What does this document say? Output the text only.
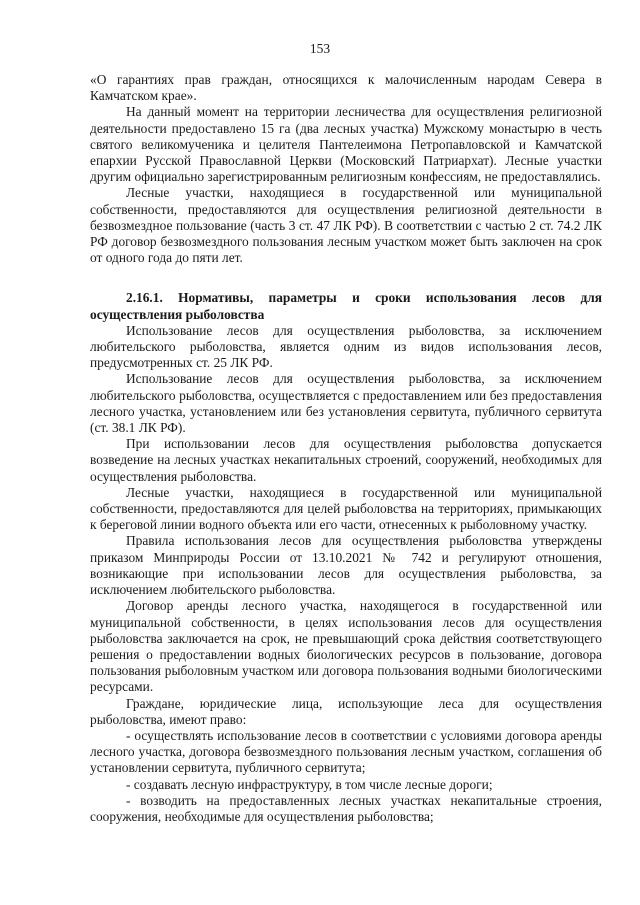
153

«О гарантиях прав граждан, относящихся к малочисленным народам Севера в Камчатском крае».

На данный момент на территории лесничества для осуществления религиозной деятельности предоставлено 15 га (два лесных участка) Мужскому монастырю в честь святого великомученика и целителя Пантелеимона Петропавловской и Камчатской епархии Русской Православной Церкви (Московский Патриархат). Лесные участки другим официально зарегистрированным религиозным конфессиям, не предоставлялись.

Лесные участки, находящиеся в государственной или муниципальной собственности, предоставляются для осуществления религиозной деятельности в безвозмездное пользование (часть 3 ст. 47 ЛК РФ). В соответствии с частью 2 ст. 74.2 ЛК РФ договор безвозмездного пользования лесным участком может быть заключен на срок от одного года до пяти лет.

2.16.1. Нормативы, параметры и сроки использования лесов для осуществления рыболовства

Использование лесов для осуществления рыболовства, за исключением любительского рыболовства, является одним из видов использования лесов, предусмотренных ст. 25 ЛК РФ.

Использование лесов для осуществления рыболовства, за исключением любительского рыболовства, осуществляется с предоставлением или без предоставления лесного участка, установлением или без установления сервитута, публичного сервитута (ст. 38.1 ЛК РФ).

При использовании лесов для осуществления рыболовства допускается возведение на лесных участках некапитальных строений, сооружений, необходимых для осуществления рыболовства.

Лесные участки, находящиеся в государственной или муниципальной собственности, предоставляются для целей рыболовства на территориях, примыкающих к береговой линии водного объекта или его части, отнесенных к рыболовному участку.

Правила использования лесов для осуществления рыболовства утверждены приказом Минприроды России от 13.10.2021 № 742 и регулируют отношения, возникающие при использовании лесов для осуществления рыболовства, за исключением любительского рыболовства.

Договор аренды лесного участка, находящегося в государственной или муниципальной собственности, в целях использования лесов для осуществления рыболовства заключается на срок, не превышающий срока действия соответствующего решения о предоставлении водных биологических ресурсов в пользование, договора пользования рыболовным участком или договора пользования водными биологическими ресурсами.

Граждане, юридические лица, использующие леса для осуществления рыболовства, имеют право:

- осуществлять использование лесов в соответствии с условиями договора аренды лесного участка, договора безвозмездного пользования лесным участком, соглашения об установлении сервитута, публичного сервитута;

- создавать лесную инфраструктуру, в том числе лесные дороги;

- возводить на предоставленных лесных участках некапитальные строения, сооружения, необходимые для осуществления рыболовства;
